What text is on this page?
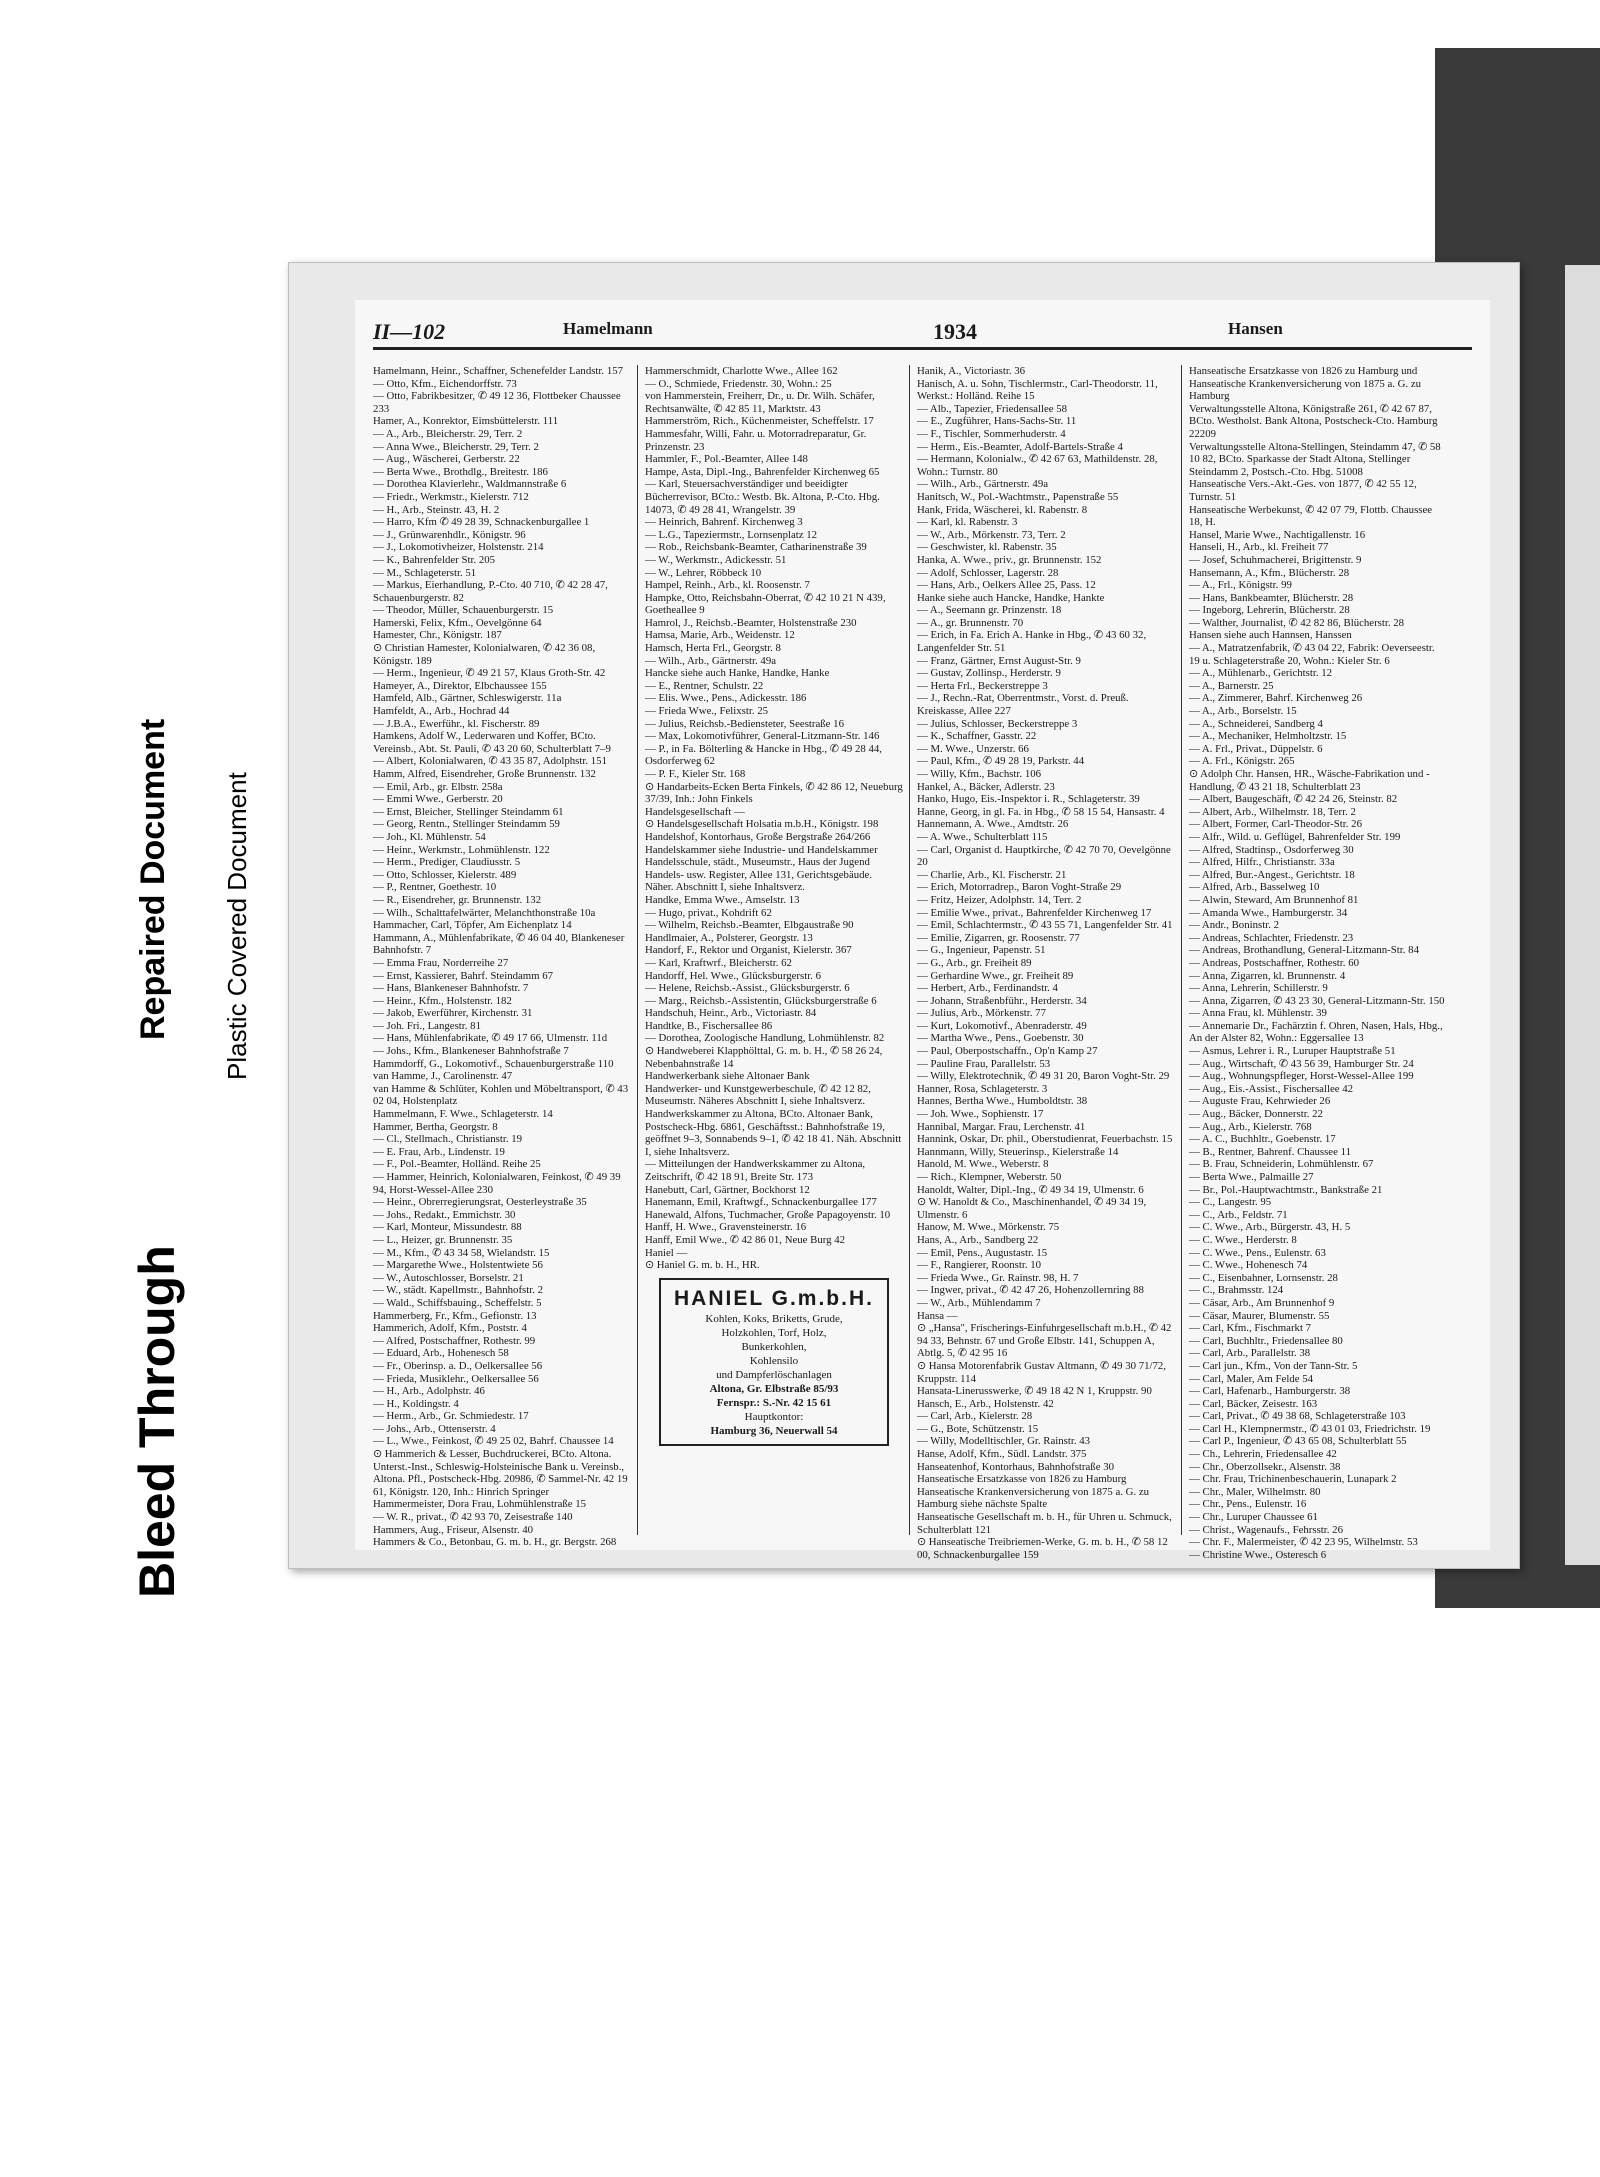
Bleed Through
Repaired Document Plastic Covered Document
II—102	Hamelmann	1934	Hansen

Hamelmann, Heinr., Schaffner, Schenefelder Landstr. 157

— Otto, Kfm., Eichendorffstr. 73

— Otto, Fabrikbesitzer, ✆ 49 12 36, Flottbeker Chaussee 233

Hamer, A., Konrektor, Eimsbüttelerstr. 111

— A., Arb., Bleicherstr. 29, Terr. 2

— Anna Wwe., Bleicherstr. 29, Terr. 2

— Aug., Wäscherei, Gerberstr. 22

— Berta Wwe., Brothdlg., Breitestr. 186

— Dorothea Klavierlehr., Waldmannstraße 6

— Friedr., Werkmstr., Kielerstr. 712

— H., Arb., Steinstr. 43, H. 2

— Harro, Kfm ✆ 49 28 39, Schnackenburgallee 1

— J., Grünwarenhdlr., Königstr. 96

— J., Lokomotivheizer, Holstenstr. 214

— K., Bahrenfelder Str. 205

— M., Schlageterstr. 51

— Markus, Eierhandlung, P.-Cto. 40 710, ✆ 42 28 47, Schauenburgerstr. 82

— Theodor, Müller, Schauenburgerstr. 15

Hamerski, Felix, Kfm., Oevelgönne 64

Hamester, Chr., Königstr. 187

⊙ Christian Hamester, Kolonialwaren, ✆ 42 36 08, Königstr. 189

— Herm., Ingenieur, ✆ 49 21 57, Klaus Groth-Str. 42

Hameyer, A., Direktor, Elbchaussee 155

Hamfeld, Alb., Gärtner, Schleswigerstr. 11a

Hamfeldt, A., Arb., Hochrad 44

— J.B.A., Ewerführ., kl. Fischerstr. 89

Hamkens, Adolf W., Lederwaren und Koffer, BCto. Vereinsb., Abt. St. Pauli, ✆ 43 20 60, Schulterblatt 7–9

— Albert, Kolonialwaren, ✆ 43 35 87, Adolphstr. 151

Hamm, Alfred, Eisendreher, Große Brunnenstr. 132

— Emil, Arb., gr. Elbstr. 258a

— Emmi Wwe., Gerberstr. 20

— Ernst, Bleicher, Stellinger Steindamm 61

— Georg, Rentn., Stellinger Steindamm 59

— Joh., Kl. Mühlenstr. 54

— Heinr., Werkmstr., Lohmühlenstr. 122

— Herm., Prediger, Claudiusstr. 5

— Otto, Schlosser, Kielerstr. 489

— P., Rentner, Goethestr. 10

— R., Eisendreher, gr. Brunnenstr. 132

— Wilh., Schalttafelwärter, Melanchthonstraße 10a

Hammacher, Carl, Töpfer, Am Eichenplatz 14

Hammann, A., Mühlenfabrikate, ✆ 46 04 40, Blankeneser Bahnhofstr. 7

— Emma Frau, Norderreihe 27

— Ernst, Kassierer, Bahrf. Steindamm 67

— Hans, Blankeneser Bahnhofstr. 7

— Heinr., Kfm., Holstenstr. 182

— Jakob, Ewerführer, Kirchenstr. 31

— Joh. Fri., Langestr. 81

— Hans, Mühlenfabrikate, ✆ 49 17 66, Ulmenstr. 11d

— Johs., Kfm., Blankeneser Bahnhofstraße 7

Hammdorff, G., Lokomotivf., Schauenburgerstraße 110

van Hamme, J., Carolinenstr. 47

van Hamme & Schlüter, Kohlen und Möbeltransport, ✆ 43 02 04, Holstenplatz

Hammelmann, F. Wwe., Schlageterstr. 14

Hammer, Bertha, Georgstr. 8

— Cl., Stellmach., Christianstr. 19

— E. Frau, Arb., Lindenstr. 19

— F., Pol.-Beamter, Holländ. Reihe 25

— Hammer, Heinrich, Kolonialwaren, Feinkost, ✆ 49 39 94, Horst-Wessel-Allee 230

— Heinr., Obrerregierungsrat, Oesterleystraße 35

— Johs., Redakt., Emmichstr. 30

— Karl, Monteur, Missundestr. 88

— L., Heizer, gr. Brunnenstr. 35

— M., Kfm., ✆ 43 34 58, Wielandstr. 15

— Margarethe Wwe., Holstentwiete 56

— W., Autoschlosser, Borselstr. 21

— W., städt. Kapellmstr., Bahnhofstr. 2

— Wald., Schiffsbauing., Scheffelstr. 5

Hammerberg, Fr., Kfm., Gefionstr. 13

Hammerich, Adolf, Kfm., Poststr. 4

— Alfred, Postschaffner, Rothestr. 99

— Eduard, Arb., Hohenesch 58

— Fr., Oberinsp. a. D., Oelkersallee 56

— Frieda, Musiklehr., Oelkersallee 56

— H., Arb., Adolphstr. 46

— H., Koldingstr. 4

— Herm., Arb., Gr. Schmiedestr. 17

— Johs., Arb., Ottenserstr. 4

— L., Wwe., Feinkost, ✆ 49 25 02, Bahrf. Chaussee 14

⊙ Hammerich & Lesser, Buchdruckerei, BCto. Altona. Unterst.-Inst., Schleswig-Holsteinische Bank u. Vereinsb., Altona. Pfl., Postscheck-Hbg. 20986, ✆ Sammel-Nr. 42 19 61, Königstr. 120, Inh.: Hinrich Springer

Hammermeister, Dora Frau, Lohmühlenstraße 15

— W. R., privat., ✆ 42 93 70, Zeisestraße 140

Hammers, Aug., Friseur, Alsenstr. 40

Hammers & Co., Betonbau, G. m. b. H., gr. Bergstr. 268

Hammerschmidt, Charlotte Wwe., Allee 162

— O., Schmiede, Friedenstr. 30, Wohn.: 25

von Hammerstein, Freiherr, Dr., u. Dr. Wilh. Schäfer, Rechtsanwälte, ✆ 42 85 11, Marktstr. 43

Hammerström, Rich., Küchenmeister, Scheffelstr. 17

Hammesfahr, Willi, Fahr. u. Motorradreparatur, Gr. Prinzenstr. 23

Hammler, F., Pol.-Beamter, Allee 148

Hampe, Asta, Dipl.-Ing., Bahrenfelder Kirchenweg 65

— Karl, Steuersachverständiger und beeidigter Bücherrevisor, BCto.: Westb. Bk. Altona, P.-Cto. Hbg. 14073, ✆ 49 28 41, Wrangelstr. 39

— Heinrich, Bahrenf. Kirchenweg 3

— L.G., Tapeziermstr., Lornsenplatz 12

— Rob., Reichsbank-Beamter, Catharinenstraße 39

— W., Werkmstr., Adickesstr. 51

— W., Lehrer, Röbbeck 10

Hampel, Reinh., Arb., kl. Roosenstr. 7

Hampke, Otto, Reichsbahn-Oberrat, ✆ 42 10 21 N 439, Goetheallee 9

Hamrol, J., Reichsb.-Beamter, Holstenstraße 230

Hamsa, Marie, Arb., Weidenstr. 12

Hamsch, Herta Frl., Georgstr. 8

— Wilh., Arb., Gärtnerstr. 49a

Hancke siehe auch Hanke, Handke, Hanke

— E., Rentner, Schulstr. 22

— Elis. Wwe., Pens., Adickesstr. 186

— Frieda Wwe., Felixstr. 25

— Julius, Reichsb.-Bediensteter, Seestraße 16

— Max, Lokomotivführer, General-Litzmann-Str. 146

— P., in Fa. Bölterling & Hancke in Hbg., ✆ 49 28 44, Osdorferweg 62

— P. F., Kieler Str. 168

⊙ Handarbeits-Ecken Berta Finkels, ✆ 42 86 12, Neueburg 37/39, Inh.: John Finkels

Handelsgesellschaft —

⊙ Handelsgesellschaft Holsatia m.b.H., Königstr. 198

Handelshof, Kontorhaus, Große Bergstraße 264/266

Handelskammer siehe Industrie- und Handelskammer

Handelsschule, städt., Museumstr., Haus der Jugend

Handels- usw. Register, Allee 131, Gerichtsgebäude. Näher. Abschnitt I, siehe Inhaltsverz.

Handke, Emma Wwe., Amselstr. 13

— Hugo, privat., Kohdrift 62

— Wilhelm, Reichsb.-Beamter, Elbgaustraße 90

Handlmaier, A., Polsterer, Georgstr. 13

Handorf, F., Rektor und Organist, Kielerstr. 367

— Karl, Kraftwrf., Bleicherstr. 62

Handorff, Hel. Wwe., Glücksburgerstr. 6

— Helene, Reichsb.-Assist., Glücksburgerstr. 6

— Marg., Reichsb.-Assistentin, Glücksburgerstraße 6

Handschuh, Heinr., Arb., Victoriastr. 84

Handtke, B., Fischersallee 86

— Dorothea, Zoologische Handlung, Lohmühlenstr. 82

⊙ Handweberei Klapphölttal, G. m. b. H., ✆ 58 26 24, Nebenbahnstraße 14

Handwerkerbank siehe Altonaer Bank

Handwerker- und Kunstgewerbeschule, ✆ 42 12 82, Museumstr. Näheres Abschnitt I, siehe Inhaltsverz.

Handwerkskammer zu Altona, BCto. Altonaer Bank, Postscheck-Hbg. 6861, Geschäftsst.: Bahnhofstraße 19, geöffnet 9–3, Sonnabends 9–1, ✆ 42 18 41. Näh. Abschnitt I, siehe Inhaltsverz.

— Mitteilungen der Handwerkskammer zu Altona, Zeitschrift, ✆ 42 18 91, Breite Str. 173

Hanebutt, Carl, Gärtner, Bockhorst 12

Hanemann, Emil, Kraftwgf., Schnackenburgallee 177

Hanewald, Alfons, Tuchmacher, Große Papagoyenstr. 10

Hanff, H. Wwe., Gravensteinerstr. 16

Hanff, Emil Wwe., ✆ 42 86 01, Neue Burg 42

Haniel —

⊙ Haniel G. m. b. H., HR.

HANIEL G.m.b.H.
Kohlen, Koks, Briketts, Grude,
Holzkohlen, Torf, Holz,
Bunkerkohlen,
Kohlensilo
und Dampferlöschanlagen
Altona, Gr. Elbstraße 85/93
Fernspr.: S.-Nr. 42 15 61
Hauptkontor:
Hamburg 36, Neuerwall 54

Hanik, A., Victoriastr. 36

Hanisch, A. u. Sohn, Tischlermstr., Carl-Theodorstr. 11, Werkst.: Holländ. Reihe 15

— Alb., Tapezier, Friedensallee 58

— E., Zugführer, Hans-Sachs-Str. 11

— F., Tischler, Sommerhuderstr. 4

— Herm., Eis.-Beamter, Adolf-Bartels-Straße 4

— Hermann, Kolonialw., ✆ 42 67 63, Mathildenstr. 28, Wohn.: Turnstr. 80

— Wilh., Arb., Gärtnerstr. 49a

Hanitsch, W., Pol.-Wachtmstr., Papenstraße 55

Hank, Frida, Wäscherei, kl. Rabenstr. 8

— Karl, kl. Rabenstr. 3

— W., Arb., Mörkenstr. 73, Terr. 2

— Geschwister, kl. Rabenstr. 35

Hanka, A. Wwe., priv., gr. Brunnenstr. 152

— Adolf, Schlosser, Lagerstr. 28

— Hans, Arb., Oelkers Allee 25, Pass. 12

Hanke siehe auch Hancke, Handke, Hankte

— A., Seemann gr. Prinzenstr. 18

— A., gr. Brunnenstr. 70

— Erich, in Fa. Erich A. Hanke in Hbg., ✆ 43 60 32, Langenfelder Str. 51

— Franz, Gärtner, Ernst August-Str. 9

— Gustav, Zollinsp., Herderstr. 9

— Herta Frl., Beckerstreppe 3

— J., Rechn.-Rat, Oberrentmstr., Vorst. d. Preuß. Kreiskasse, Allee 227

— Julius, Schlosser, Beckerstreppe 3

— K., Schaffner, Gasstr. 22

— M. Wwe., Unzerstr. 66

— Paul, Kfm., ✆ 49 28 19, Parkstr. 44

— Willy, Kfm., Bachstr. 106

Hankel, A., Bäcker, Adlerstr. 23

Hanko, Hugo, Eis.-Inspektor i. R., Schlageterstr. 39

Hanne, Georg, in gl. Fa. in Hbg., ✆ 58 15 54, Hansastr. 4

Hannemann, A. Wwe., Amdtstr. 26

— A. Wwe., Schulterblatt 115

— Carl, Organist d. Hauptkirche, ✆ 42 70 70, Oevelgönne 20

— Charlie, Arb., Kl. Fischerstr. 21

— Erich, Motorradrep., Baron Voght-Straße 29

— Fritz, Heizer, Adolphstr. 14, Terr. 2

— Emilie Wwe., privat., Bahrenfelder Kirchenweg 17

— Emil, Schlachtermstr., ✆ 43 55 71, Langenfelder Str. 41

— Emilie, Zigarren, gr. Roosenstr. 77

— G., Ingenieur, Papenstr. 51

— G., Arb., gr. Freiheit 89

— Gerhardine Wwe., gr. Freiheit 89

— Herbert, Arb., Ferdinandstr. 4

— Johann, Straßenbführ., Herderstr. 34

— Julius, Arb., Mörkenstr. 77

— Kurt, Lokomotivf., Abenraderstr. 49

— Martha Wwe., Pens., Goebenstr. 30

— Paul, Oberpostschaffn., Op'n Kamp 27

— Pauline Frau, Parallelstr. 53

— Willy, Elektrotechnik, ✆ 49 31 20, Baron Voght-Str. 29

Hanner, Rosa, Schlageterstr. 3

Hannes, Bertha Wwe., Humboldtstr. 38

— Joh. Wwe., Sophienstr. 17

Hannibal, Margar. Frau, Lerchenstr. 41

Hannink, Oskar, Dr. phil., Oberstudienrat, Feuerbachstr. 15

Hannmann, Willy, Steuerinsp., Kielerstraße 14

Hanold, M. Wwe., Weberstr. 8

— Rich., Klempner, Weberstr. 50

Hanoldt, Walter, Dipl.-Ing., ✆ 49 34 19, Ulmenstr. 6

⊙ W. Hanoldt & Co., Maschinenhandel, ✆ 49 34 19, Ulmenstr. 6

Hanow, M. Wwe., Mörkenstr. 75

Hans, A., Arb., Sandberg 22

— Emil, Pens., Augustastr. 15

— F., Rangierer, Roonstr. 10

— Frieda Wwe., Gr. Rainstr. 98, H. 7

— Ingwer, privat., ✆ 42 47 26, Hohenzollernring 88

— W., Arb., Mühlendamm 7

Hansa —

⊙ „Hansa", Frischerings-Einfuhrgesellschaft m.b.H., ✆ 42 94 33, Behnstr. 67 und Große Elbstr. 141, Schuppen A, Abtlg. 5, ✆ 42 95 16

⊙ Hansa Motorenfabrik Gustav Altmann, ✆ 49 30 71/72, Kruppstr. 114

Hansata-Linerusswerke, ✆ 49 18 42 N 1, Kruppstr. 90

Hansch, E., Arb., Holstenstr. 42

— Carl, Arb., Kielerstr. 28

— G., Bote, Schützenstr. 15

— Willy, Modelltischler, Gr. Rainstr. 43

Hanse, Adolf, Kfm., Südl. Landstr. 375

Hanseatenhof, Kontorhaus, Bahnhofstraße 30

Hanseatische Ersatzkasse von 1826 zu Hamburg

Hanseatische Krankenversicherung von 1875 a. G. zu Hamburg siehe nächste Spalte

Hanseatische Gesellschaft m. b. H., für Uhren u. Schmuck, Schulterblatt 121

⊙ Hanseatische Treibriemen-Werke, G. m. b. H., ✆ 58 12 00, Schnackenburgallee 159

Hanseatische Ersatzkasse von 1826 zu Hamburg und

Hanseatische Krankenversicherung von 1875 a. G. zu Hamburg

Verwaltungsstelle Altona, Königstraße 261, ✆ 42 67 87, BCto. Westholst. Bank Altona, Postscheck-Cto. Hamburg 22209

Verwaltungsstelle Altona-Stellingen, Steindamm 47, ✆ 58 10 82, BCto. Sparkasse der Stadt Altona, Stellinger Steindamm 2, Postsch.-Cto. Hbg. 51008

Hanseatische Vers.-Akt.-Ges. von 1877, ✆ 42 55 12, Turnstr. 51

Hanseatische Werbekunst, ✆ 42 07 79, Flottb. Chaussee 18, H.

Hansel, Marie Wwe., Nachtigallenstr. 16

Hanseli, H., Arb., kl. Freiheit 77

— Josef, Schuhmacherei, Brigittenstr. 9

Hansemann, A., Kfm., Blücherstr. 28

— A., Frl., Königstr. 99

— Hans, Bankbeamter, Blücherstr. 28

— Ingeborg, Lehrerin, Blücherstr. 28

— Walther, Journalist, ✆ 42 82 86, Blücherstr. 28

Hansen siehe auch Hannsen, Hanssen

— A., Matratzenfabrik, ✆ 43 04 22, Fabrik: Oeverseestr. 19 u. Schlageterstraße 20, Wohn.: Kieler Str. 6

— A., Mühlenarb., Gerichtstr. 12

— A., Barnerstr. 25

— A., Zimmerer, Bahrf. Kirchenweg 26

— A., Arb., Borselstr. 15

— A., Schneiderei, Sandberg 4

— A., Mechaniker, Helmholtzstr. 15

— A. Frl., Privat., Düppelstr. 6

— A. Frl., Königstr. 265

⊙ Adolph Chr. Hansen, HR., Wäsche-Fabrikation und -Handlung, ✆ 43 21 18, Schulterblatt 23

— Albert, Baugeschäft, ✆ 42 24 26, Steinstr. 82

— Albert, Arb., Wilhelmstr. 18, Terr. 2

— Albert, Former, Carl-Theodor-Str. 26

— Alfr., Wild. u. Geflügel, Bahrenfelder Str. 199

— Alfred, Stadtinsp., Osdorferweg 30

— Alfred, Hilfr., Christianstr. 33a

— Alfred, Bur.-Angest., Gerichtstr. 18

— Alfred, Arb., Basselweg 10

— Alwin, Steward, Am Brunnenhof 81

— Amanda Wwe., Hamburgerstr. 34

— Andr., Boninstr. 2

— Andreas, Schlachter, Friedenstr. 23

— Andreas, Brothandlung, General-Litzmann-Str. 84

— Andreas, Postschaffner, Rothestr. 60

— Anna, Zigarren, kl. Brunnenstr. 4

— Anna, Lehrerin, Schillerstr. 9

— Anna, Zigarren, ✆ 43 23 30, General-Litzmann-Str. 150

— Anna Frau, kl. Mühlenstr. 39

— Annemarie Dr., Fachärztin f. Ohren, Nasen, Hals, Hbg., An der Alster 82, Wohn.: Eggersallee 13

— Asmus, Lehrer i. R., Luruper Hauptstraße 51

— Aug., Wirtschaft, ✆ 43 56 39, Hamburger Str. 24

— Aug., Wohnungspfleger, Horst-Wessel-Allee 199

— Aug., Eis.-Assist., Fischersallee 42

— Auguste Frau, Kehrwieder 26

— Aug., Bäcker, Donnerstr. 22

— Aug., Arb., Kielerstr. 768

— A. C., Buchhltr., Goebenstr. 17

— B., Rentner, Bahrenf. Chaussee 11

— B. Frau, Schneiderin, Lohmühlenstr. 67

— Berta Wwe., Palmaille 27

— Br., Pol.-Hauptwachtmstr., Bankstraße 21

— C., Langestr. 95

— C., Arb., Feldstr. 71

— C. Wwe., Arb., Bürgerstr. 43, H. 5

— C. Wwe., Herderstr. 8

— C. Wwe., Pens., Eulenstr. 63

— C. Wwe., Hohenesch 74

— C., Eisenbahner, Lornsenstr. 28

— C., Brahmsstr. 124

— Cäsar, Arb., Am Brunnenhof 9

— Cäsar, Maurer, Blumenstr. 55

— Carl, Kfm., Fischmarkt 7

— Carl, Buchhltr., Friedensallee 80

— Carl, Arb., Parallelstr. 38

— Carl jun., Kfm., Von der Tann-Str. 5

— Carl, Maler, Am Felde 54

— Carl, Hafenarb., Hamburgerstr. 38

— Carl, Bäcker, Zeisestr. 163

— Carl, Privat., ✆ 49 38 68, Schlageterstraße 103

— Carl H., Klempnermstr., ✆ 43 01 03, Friedrichstr. 19

— Carl P., Ingenieur, ✆ 43 65 08, Schulterblatt 55

— Ch., Lehrerin, Friedensallee 42

— Chr., Oberzollsekr., Alsenstr. 38

— Chr. Frau, Trichinenbeschauerin, Lunapark 2

— Chr., Maler, Wilhelmstr. 80

— Chr., Pens., Eulenstr. 16

— Chr., Luruper Chaussee 61

— Christ., Wagenaufs., Fehrsstr. 26

— Chr. F., Malermeister, ✆ 42 23 95, Wilhelmstr. 53

— Christine Wwe., Osteresch 6
